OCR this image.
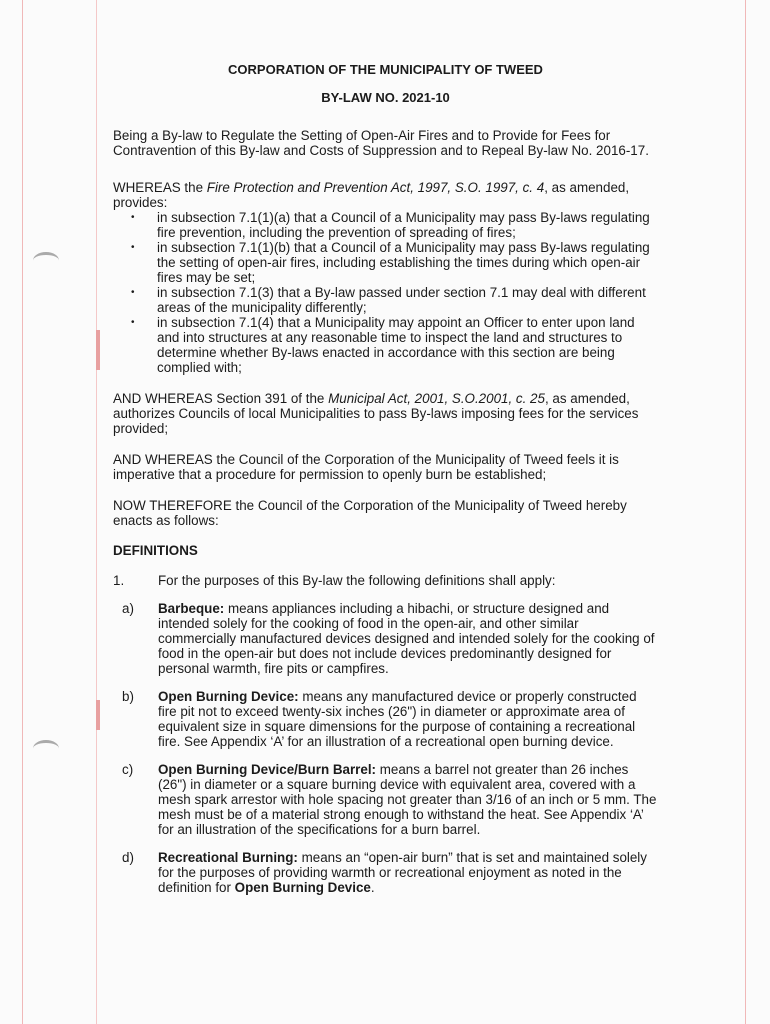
CORPORATION OF THE MUNICIPALITY OF TWEED
BY-LAW NO. 2021-10

Being a By-law to Regulate the Setting of Open-Air Fires and to Provide for Fees for Contravention of this By-law and Costs of Suppression and to Repeal By-law No. 2016-17.

WHEREAS the Fire Protection and Prevention Act, 1997, S.O. 1997, c. 4, as amended, provides:

• in subsection 7.1(1)(a) that a Council of a Municipality may pass By-laws regulating fire prevention, including the prevention of spreading of fires;
• in subsection 7.1(1)(b) that a Council of a Municipality may pass By-laws regulating the setting of open-air fires, including establishing the times during which open-air fires may be set;
• in subsection 7.1(3) that a By-law passed under section 7.1 may deal with different areas of the municipality differently;
• in subsection 7.1(4) that a Municipality may appoint an Officer to enter upon land and into structures at any reasonable time to inspect the land and structures to determine whether By-laws enacted in accordance with this section are being complied with;

AND WHEREAS Section 391 of the Municipal Act, 2001, S.O.2001, c. 25, as amended, authorizes Councils of local Municipalities to pass By-laws imposing fees for the services provided;

AND WHEREAS the Council of the Corporation of the Municipality of Tweed feels it is imperative that a procedure for permission to openly burn be established;

NOW THEREFORE the Council of the Corporation of the Municipality of Tweed hereby enacts as follows:

DEFINITIONS
1.	For the purposes of this By-law the following definitions shall apply:
a)	Barbeque: means appliances including a hibachi, or structure designed and intended solely for the cooking of food in the open-air, and other similar commercially manufactured devices designed and intended solely for the cooking of food in the open-air but does not include devices predominantly designed for personal warmth, fire pits or campfires.
b)	Open Burning Device: means any manufactured device or properly constructed fire pit not to exceed twenty-six inches (26") in diameter or approximate area of equivalent size in square dimensions for the purpose of containing a recreational fire. See Appendix ‘A’ for an illustration of a recreational open burning device.
c)	Open Burning Device/Burn Barrel: means a barrel not greater than 26 inches (26") in diameter or a square burning device with equivalent area, covered with a mesh spark arrestor with hole spacing not greater than 3/16 of an inch or 5 mm. The mesh must be of a material strong enough to withstand the heat. See Appendix ‘A’ for an illustration of the specifications for a burn barrel.
d)	Recreational Burning: means an “open-air burn” that is set and maintained solely for the purposes of providing warmth or recreational enjoyment as noted in the definition for Open Burning Device.
